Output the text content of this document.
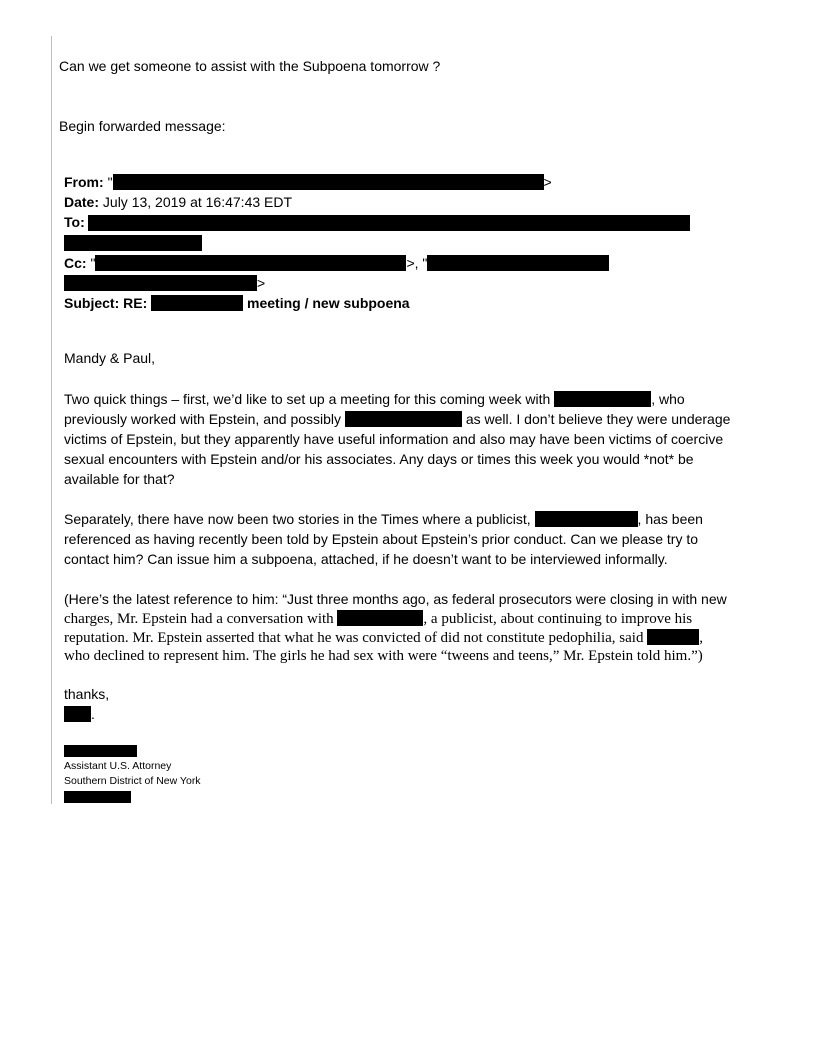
Can we get someone to assist with the Subpoena tomorrow ?
Begin forwarded message:
From: "	>
Date: July 13, 2019 at 16:47:43 EDT
To:
Cc: "	>, "
>
Subject: RE:	meeting / new subpoena
Mandy & Paul,
Two quick things – first, we’d like to set up a meeting for this coming week with	, who
previously worked with Epstein, and possibly	as well. I don’t believe they were underage
victims of Epstein, but they apparently have useful information and also may have been victims of coercive
sexual encounters with Epstein and/or his associates. Any days or times this week you would *not* be
available for that?
Separately, there have now been two stories in the Times where a publicist,	, has been
referenced as having recently been told by Epstein about Epstein’s prior conduct. Can we please try to
contact him? Can issue him a subpoena, attached, if he doesn’t want to be interviewed informally.
(Here’s the latest reference to him: “Just three months ago, as federal prosecutors were closing in with new
charges, Mr. Epstein had a conversation with	, a publicist, about continuing to improve his
reputation. Mr. Epstein asserted that what he was convicted of did not constitute pedophilia, said	,
who declined to represent him. The girls he had sex with were “tweens and teens,” Mr. Epstein told him.”)
thanks,
.
Assistant U.S. Attorney
Southern District of New York
